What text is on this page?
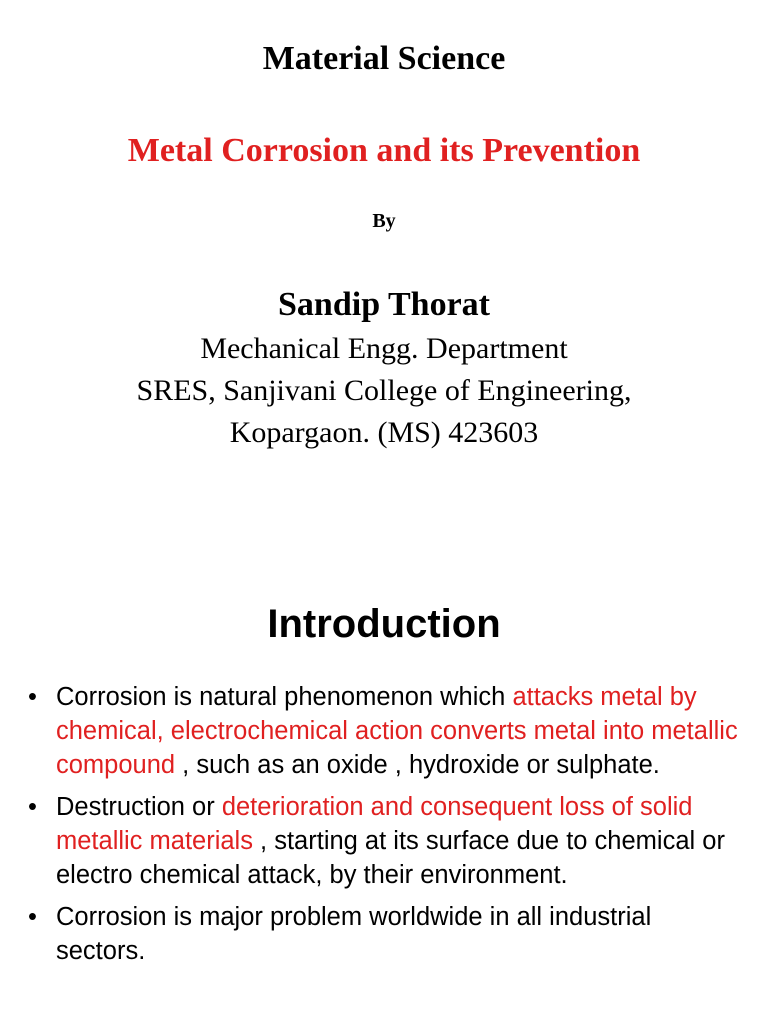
Material Science
Metal Corrosion and its Prevention
By
Sandip Thorat
Mechanical Engg. Department
SRES, Sanjivani College of Engineering,
Kopargaon. (MS) 423603
Introduction
• Corrosion is natural phenomenon which attacks metal by chemical, electrochemical action converts metal into metallic compound , such as an oxide , hydroxide or sulphate.
• Destruction or deterioration and consequent loss of solid metallic materials , starting at its surface due to chemical or electro chemical attack, by their environment.
• Corrosion is major problem worldwide in all industrial sectors.
